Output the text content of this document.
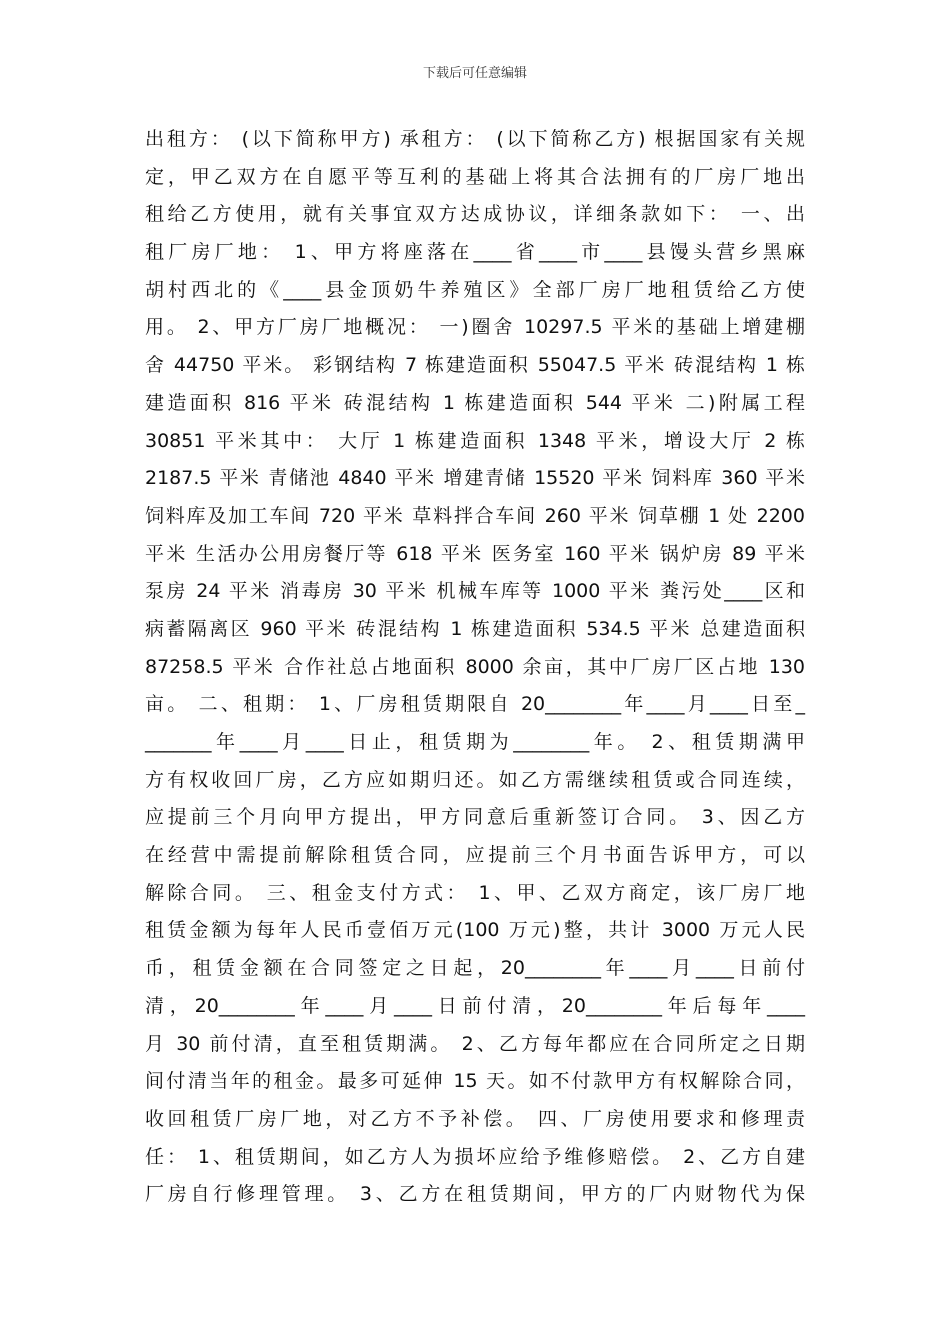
下载后可任意编辑
出租方： (以下简称甲方) 承租方： (以下简称乙方) 根据国家有关规
定，甲乙双方在自愿平等互利的基础上将其合法拥有的厂房厂地出
租给乙方使用，就有关事宜双方达成协议，详细条款如下： 一、出
租厂房厂地： 1、甲方将座落在____省____市____县馒头营乡黑麻
胡村西北的《____县金顶奶牛养殖区》全部厂房厂地租赁给乙方使
用。 2、甲方厂房厂地概况： 一)圈舍 10297.5 平米的基础上增建棚
舍 44750 平米。 彩钢结构 7 栋建造面积 55047.5 平米 砖混结构 1 栋
建造面积 816 平米 砖混结构 1 栋建造面积 544 平米 二)附属工程
30851 平米其中： 大厅 1 栋建造面积 1348 平米，增设大厅 2 栋
2187.5 平米 青储池 4840 平米 增建青储 15520 平米 饲料库 360 平米
饲料库及加工车间 720 平米 草料拌合车间 260 平米 饲草棚 1 处 2200
平米 生活办公用房餐厅等 618 平米 医务室 160 平米 锅炉房 89 平米
泵房 24 平米 消毒房 30 平米 机械车库等 1000 平米 粪污处____区和
病蓄隔离区 960 平米 砖混结构 1 栋建造面积 534.5 平米 总建造面积
87258.5 平米 合作社总占地面积 8000 余亩，其中厂房厂区占地 130
亩。 二、租期： 1、厂房租赁期限自 20________年____月____日至_
_______年____月____日止，租赁期为________年。 2、租赁期满甲
方有权收回厂房，乙方应如期归还。如乙方需继续租赁或合同连续，
应提前三个月向甲方提出，甲方同意后重新签订合同。 3、因乙方
在经营中需提前解除租赁合同，应提前三个月书面告诉甲方，可以
解除合同。 三、租金支付方式： 1、甲、乙双方商定，该厂房厂地
租赁金额为每年人民币壹佰万元(100 万元)整，共计 3000 万元人民
币，租赁金额在合同签定之日起，20________年____月____日前付
清，20________年____月____日前付清，20________年后每年____
月 30 前付清，直至租赁期满。 2、乙方每年都应在合同所定之日期
间付清当年的租金。最多可延伸 15 天。如不付款甲方有权解除合同，
收回租赁厂房厂地，对乙方不予补偿。 四、厂房使用要求和修理责
任： 1、租赁期间，如乙方人为损坏应给予维修赔偿。 2、乙方自建
厂房自行修理管理。 3、乙方在租赁期间，甲方的厂内财物代为保
